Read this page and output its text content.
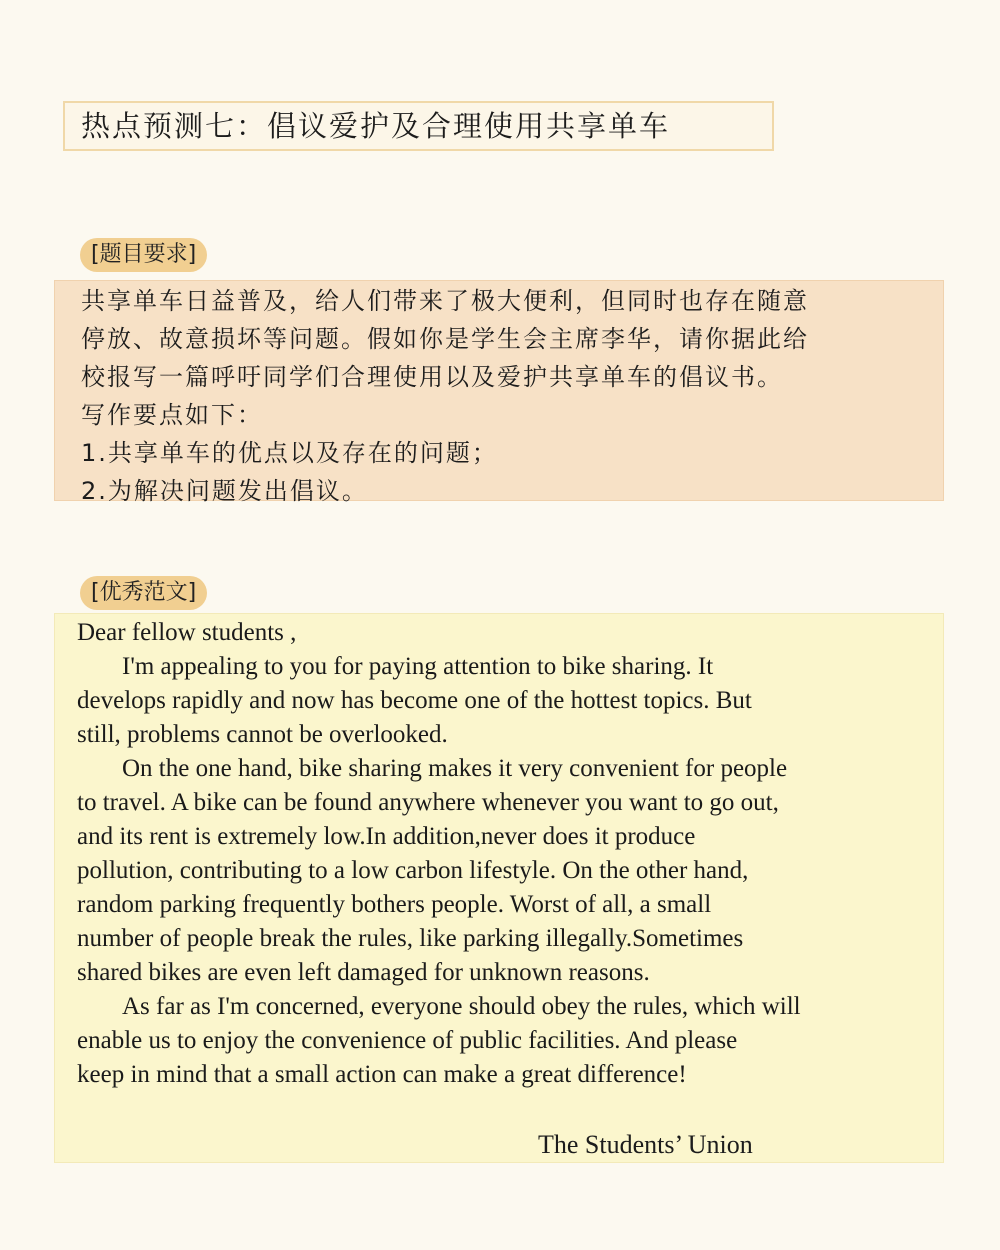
热点预测七：倡议爱护及合理使用共享单车
[题目要求]
共享单车日益普及，给人们带来了极大便利，但同时也存在随意
停放、故意损坏等问题。假如你是学生会主席李华，请你据此给
校报写一篇呼吁同学们合理使用以及爱护共享单车的倡议书。
写作要点如下：
1.共享单车的优点以及存在的问题；
2.为解决问题发出倡议。
[优秀范文]
Dear fellow students ,
I'm appealing to you for paying attention to bike sharing. It
develops rapidly and now has become one of the hottest topics. But
still, problems cannot be overlooked.
On the one hand, bike sharing makes it very convenient for people
to travel. A bike can be found anywhere whenever you want to go out,
and its rent is extremely low.In addition,never does it produce
pollution, contributing to a low carbon lifestyle. On the other hand,
random parking frequently bothers people. Worst of all, a small
number of people break the rules, like parking illegally.Sometimes
shared bikes are even left damaged for unknown reasons.
As far as I'm concerned, everyone should obey the rules, which will
enable us to enjoy the convenience of public facilities. And please
keep in mind that a small action can make a great difference!
The Students’ Union
